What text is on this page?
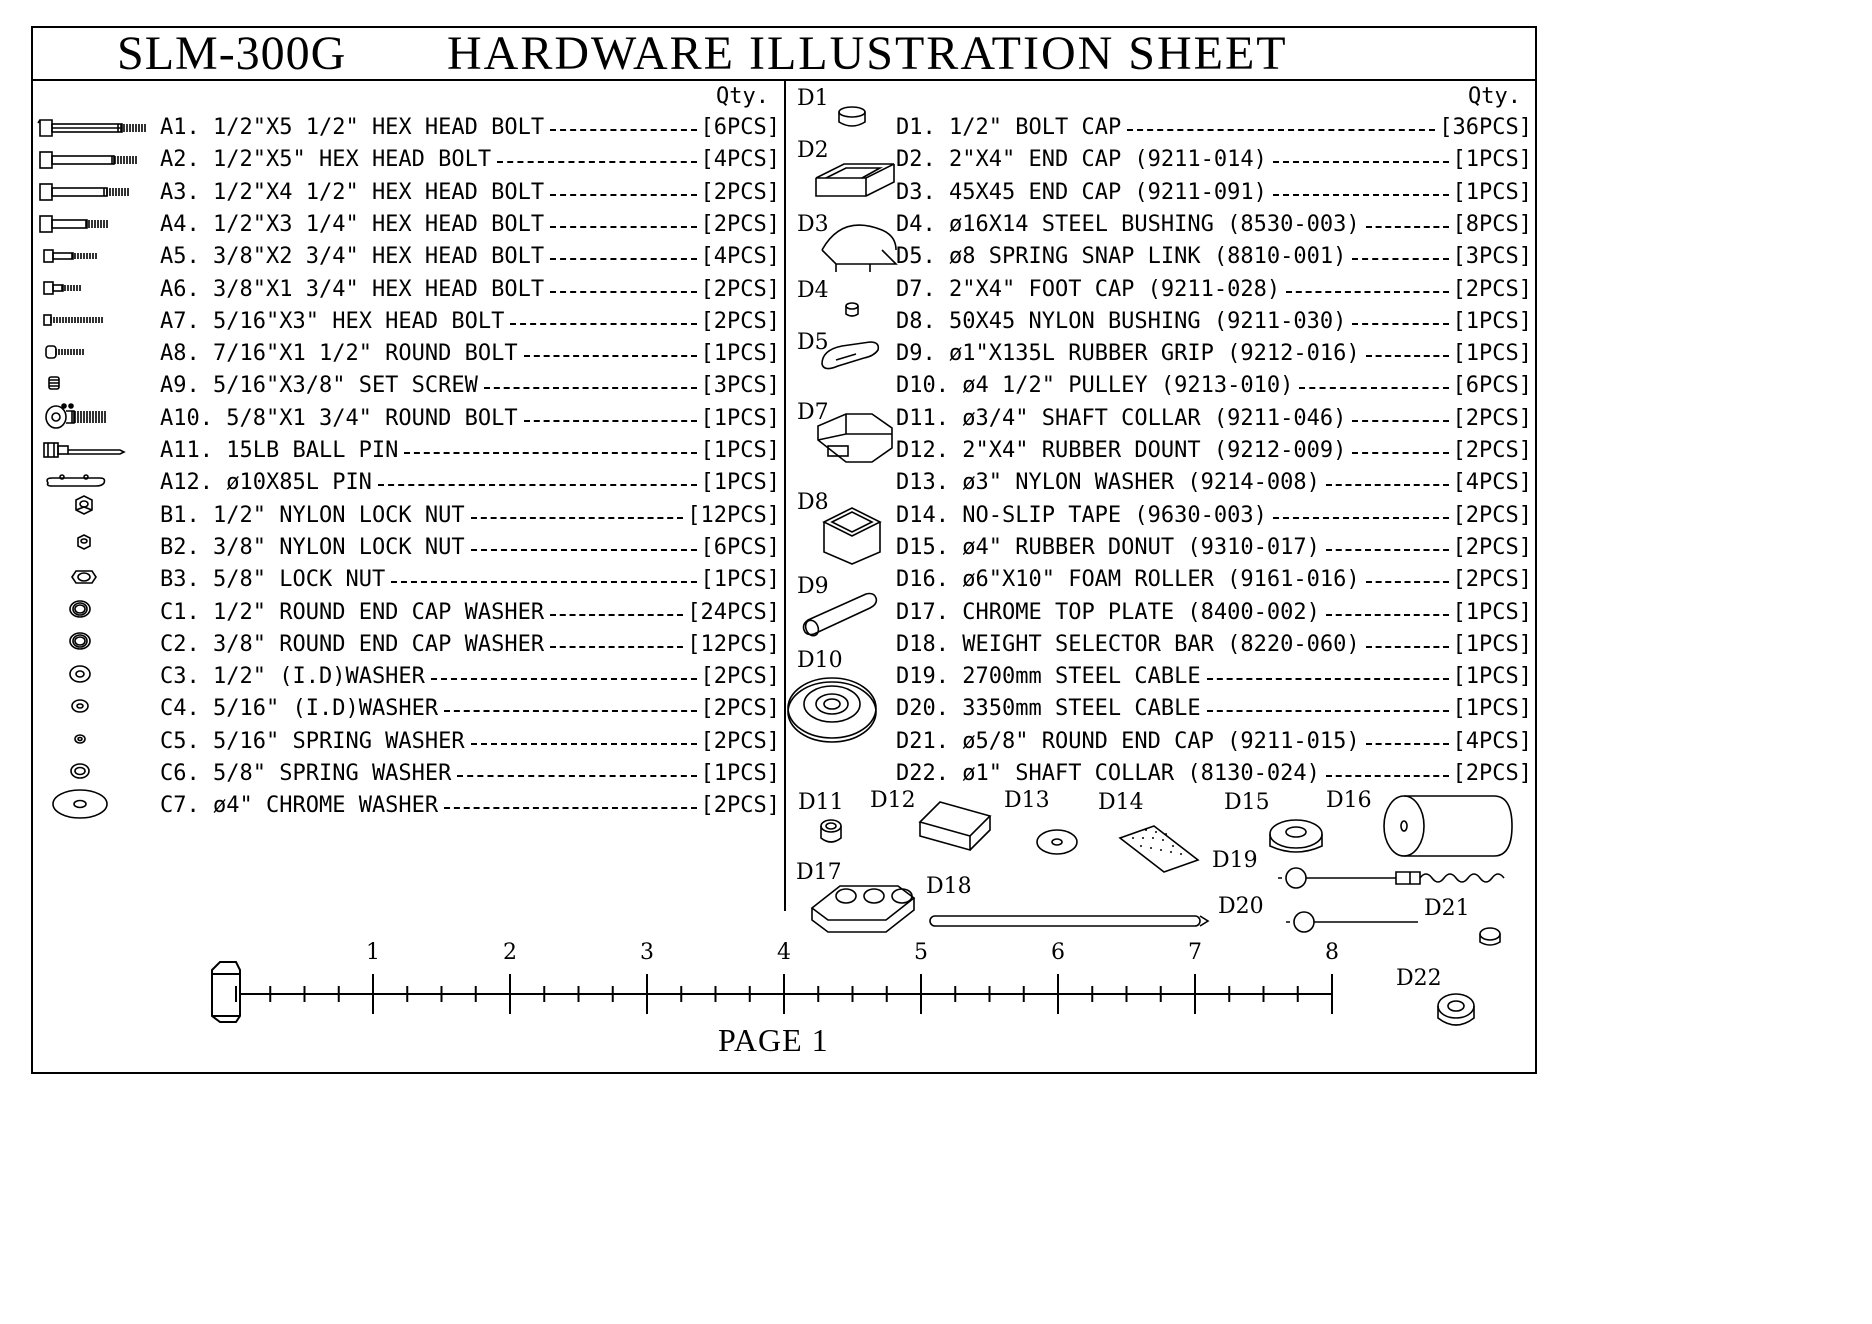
SLM-300G HARDWARE ILLUSTRATION SHEET
Qty.	Qty.
A1. 1/2"X5 1/2" HEX HEAD BOLT	[6PCS]
A2. 1/2"X5" HEX HEAD BOLT	[4PCS]
A3. 1/2"X4 1/2" HEX HEAD BOLT	[2PCS]
A4. 1/2"X3 1/4" HEX HEAD BOLT	[2PCS]
A5. 3/8"X2 3/4" HEX HEAD BOLT	[4PCS]
A6. 3/8"X1 3/4" HEX HEAD BOLT	[2PCS]
A7. 5/16"X3" HEX HEAD BOLT	[2PCS]
A8. 7/16"X1 1/2" ROUND BOLT	[1PCS]
A9. 5/16"X3/8" SET SCREW	[3PCS]
A10. 5/8"X1 3/4" ROUND BOLT	[1PCS]
A11. 15LB BALL PIN	[1PCS]
A12. ø10X85L PIN	[1PCS]
B1. 1/2" NYLON LOCK NUT	[12PCS]
B2. 3/8" NYLON LOCK NUT	[6PCS]
B3. 5/8" LOCK NUT	[1PCS]
C1. 1/2" ROUND END CAP WASHER	[24PCS]
C2. 3/8" ROUND END CAP WASHER	[12PCS]
C3. 1/2" (I.D)WASHER	[2PCS]
C4. 5/16" (I.D)WASHER	[2PCS]
C5. 5/16" SPRING WASHER	[2PCS]
C6. 5/8" SPRING WASHER	[1PCS]
C7. ø4" CHROME WASHER	[2PCS]
D1. 1/2" BOLT CAP	[36PCS]
D2. 2"X4" END CAP (9211-014)	[1PCS]
D3. 45X45 END CAP (9211-091)	[1PCS]
D4. ø16X14 STEEL BUSHING (8530-003)	[8PCS]
D5. ø8 SPRING SNAP LINK (8810-001)	[3PCS]
D7. 2"X4" FOOT CAP (9211-028)	[2PCS]
D8. 50X45 NYLON BUSHING (9211-030)	[1PCS]
D9. ø1"X135L RUBBER GRIP (9212-016)	[1PCS]
D10. ø4 1/2" PULLEY (9213-010)	[6PCS]
D11. ø3/4" SHAFT COLLAR (9211-046)	[2PCS]
D12. 2"X4" RUBBER DOUNT (9212-009)	[2PCS]
D13. ø3" NYLON WASHER (9214-008)	[4PCS]
D14. NO-SLIP TAPE (9630-003)	[2PCS]
D15. ø4" RUBBER DONUT (9310-017)	[2PCS]
D16. ø6"X10" FOAM ROLLER (9161-016)	[2PCS]
D17. CHROME TOP PLATE (8400-002)	[1PCS]
D18. WEIGHT SELECTOR BAR (8220-060)	[1PCS]
D19. 2700mm STEEL CABLE	[1PCS]
D20. 3350mm STEEL CABLE	[1PCS]
D21. ø5/8" ROUND END CAP (9211-015)	[4PCS]
D22. ø1" SHAFT COLLAR (8130-024)	[2PCS]
D1
D2
D3
D4
D5
D7
D8
D9
D10
D11 D12	D13 D14	D15	D16
D17
D18
D19
D20	D21
D22
1	2	3	4	5	6	7	8
PAGE 1
